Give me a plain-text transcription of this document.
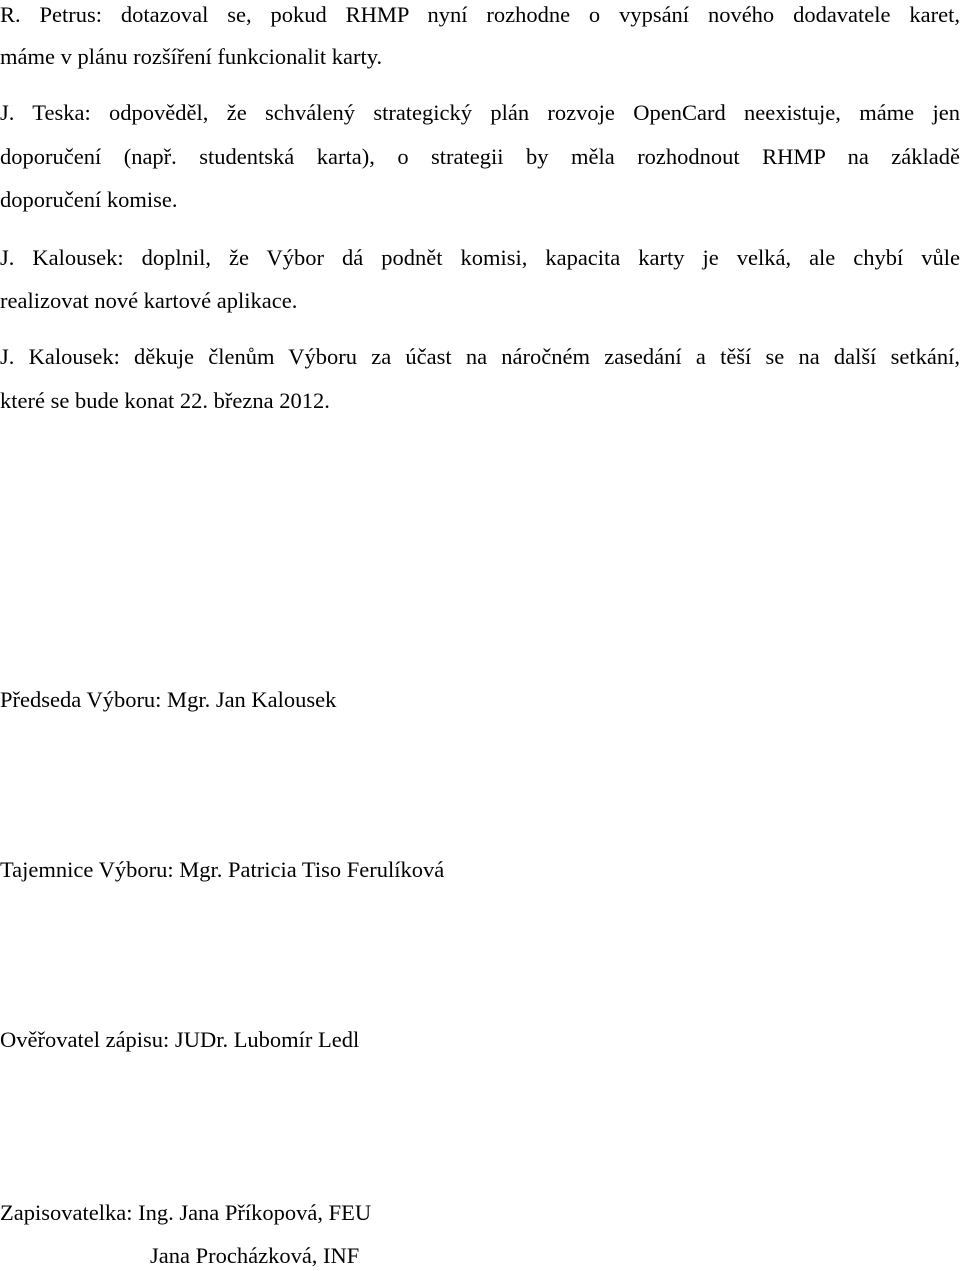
R. Petrus: dotazoval se, pokud RHMP nyní rozhodne o vypsání nového dodavatele karet,
máme v plánu rozšíření funkcionalit karty.
J. Teska: odpověděl, že schválený strategický plán rozvoje OpenCard neexistuje, máme jen
doporučení (např. studentská karta), o strategii by měla rozhodnout RHMP na základě
doporučení komise.
J. Kalousek: doplnil, že Výbor dá podnět komisi, kapacita karty je velká, ale chybí vůle
realizovat nové kartové aplikace.
J. Kalousek: děkuje členům Výboru za účast na náročném zasedání a těší se na další setkání,
které se bude konat 22. března 2012.
Předseda Výboru: Mgr. Jan Kalousek
Tajemnice Výboru: Mgr. Patricia Tiso Ferulíková
Ověřovatel zápisu: JUDr. Lubomír Ledl
Zapisovatelka: Ing. Jana Příkopová, FEU
Jana Procházková, INF
